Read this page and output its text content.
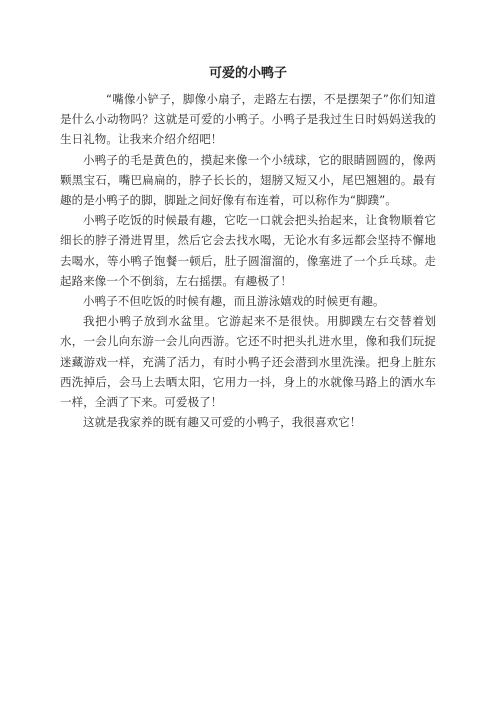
可爱的小鸭子

“嘴像小铲子，脚像小扇子，走路左右摆，不是摆架子”你们知道是什么小动物吗？这就是可爱的小鸭子。小鸭子是我过生日时妈妈送我的生日礼物。让我来介绍介绍吧！

小鸭子的毛是黄色的，摸起来像一个小绒球，它的眼睛圆圆的，像两颗黑宝石，嘴巴扁扁的，脖子长长的，翅膀又短又小，尾巴翘翘的。最有趣的是小鸭子的脚，脚趾之间好像有布连着，可以称作为“脚蹼”。

小鸭子吃饭的时候最有趣，它吃一口就会把头抬起来，让食物顺着它细长的脖子滑进胃里，然后它会去找水喝，无论水有多远都会坚持不懈地去喝水，等小鸭子饱餐一顿后，肚子圆溜溜的，像塞进了一个乒乓球。走起路来像一个不倒翁，左右摇摆。有趣极了！

小鸭子不但吃饭的时候有趣，而且游泳嬉戏的时候更有趣。

我把小鸭子放到水盆里。它游起来不是很快。用脚蹼左右交替着划水，一会儿向东游一会儿向西游。它还不时把头扎进水里，像和我们玩捉迷藏游戏一样，充满了活力，有时小鸭子还会潜到水里洗澡。把身上脏东西洗掉后，会马上去晒太阳，它用力一抖，身上的水就像马路上的洒水车一样，全洒了下来。可爱极了！

这就是我家养的既有趣又可爱的小鸭子，我很喜欢它！
